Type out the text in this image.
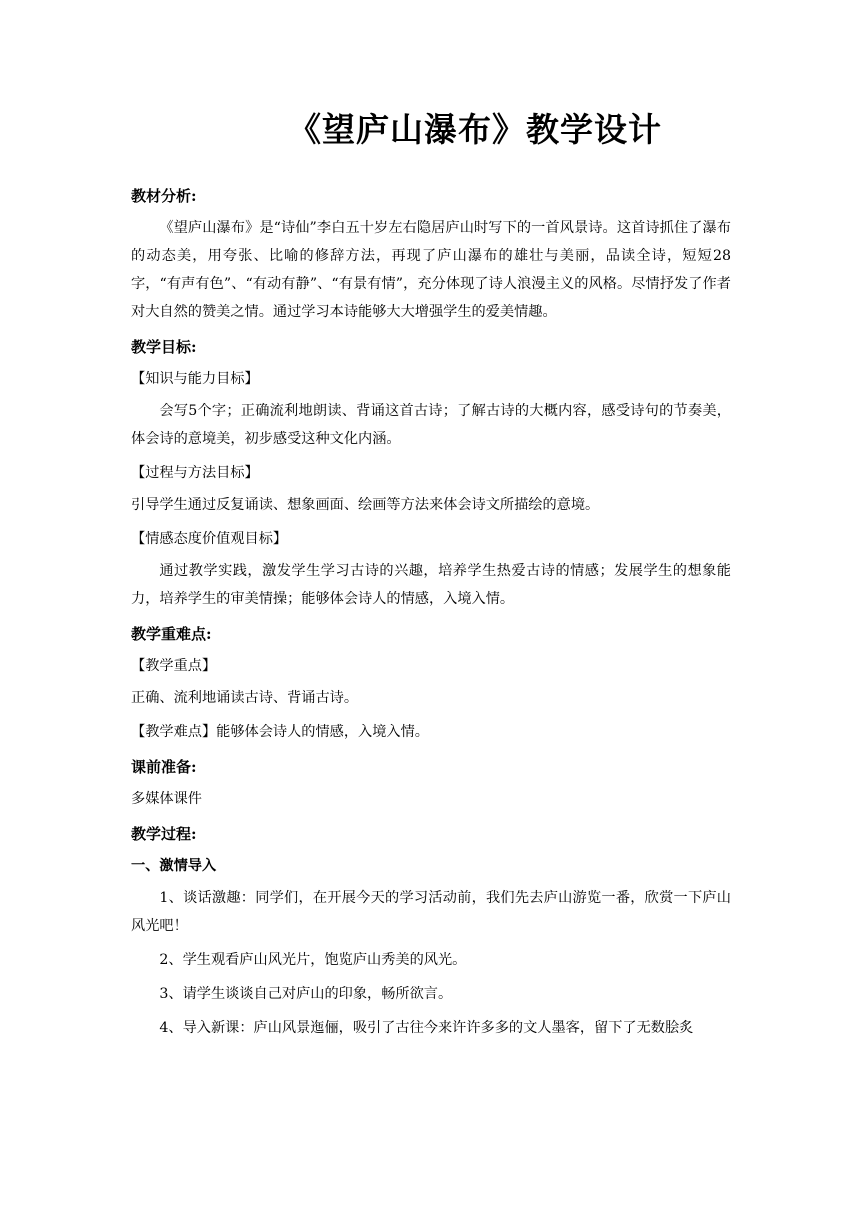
《望庐山瀑布》教学设计

教材分析:

《望庐山瀑布》是“诗仙”李白五十岁左右隐居庐山时写下的一首风景诗。这首诗抓住了瀑布的动态美，用夸张、比喻的修辞方法，再现了庐山瀑布的雄壮与美丽，品读全诗，短短28字，“有声有色”、“有动有静”、“有景有情”，充分体现了诗人浪漫主义的风格。尽情抒发了作者对大自然的赞美之情。通过学习本诗能够大大增强学生的爱美情趣。

教学目标:

【知识与能力目标】

会写5个字；正确流利地朗读、背诵这首古诗；了解古诗的大概内容，感受诗句的节奏美，体会诗的意境美，初步感受这种文化内涵。

【过程与方法目标】

引导学生通过反复诵读、想象画面、绘画等方法来体会诗文所描绘的意境。

【情感态度价值观目标】

通过教学实践，激发学生学习古诗的兴趣，培养学生热爱古诗的情感；发展学生的想象能力，培养学生的审美情操；能够体会诗人的情感，入境入情。

教学重难点:

【教学重点】

正确、流利地诵读古诗、背诵古诗。

【教学难点】能够体会诗人的情感，入境入情。

课前准备:

多媒体课件

教学过程:

一、激情导入

1、谈话激趣：同学们，在开展今天的学习活动前，我们先去庐山游览一番，欣赏一下庐山风光吧！

2、学生观看庐山风光片，饱览庐山秀美的风光。

3、请学生谈谈自己对庐山的印象，畅所欲言。

4、导入新课：庐山风景迤俪，吸引了古往今来许许多多的文人墨客，留下了无数脍炙
